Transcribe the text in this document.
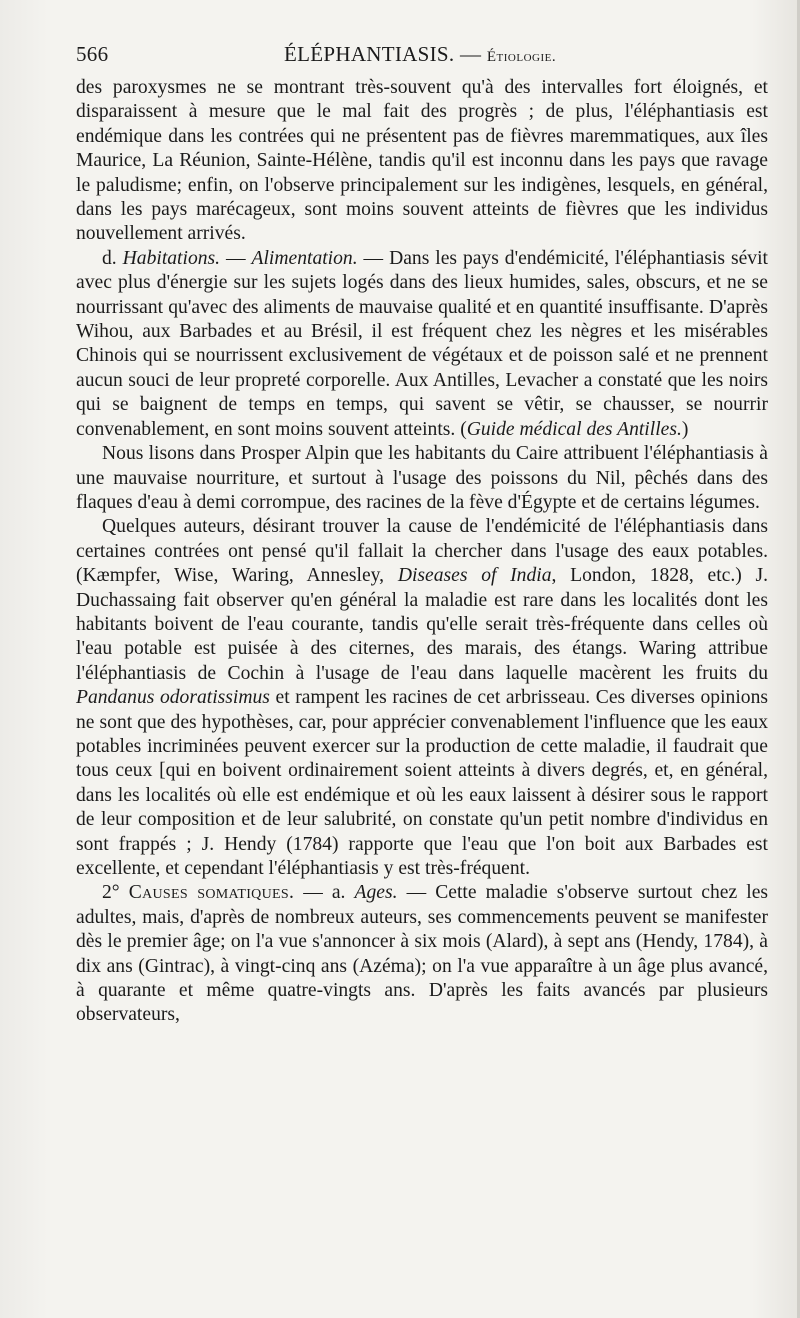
566	ÉLÉPHANTIASIS. — Étiologie.

des paroxysmes ne se montrant très-souvent qu'à des intervalles fort éloignés, et disparaissent à mesure que le mal fait des progrès ; de plus, l'éléphantiasis est endémique dans les contrées qui ne présentent pas de fièvres maremmatiques, aux îles Maurice, La Réunion, Sainte-Hélène, tandis qu'il est inconnu dans les pays que ravage le paludisme; enfin, on l'observe principalement sur les indigènes, lesquels, en général, dans les pays marécageux, sont moins souvent atteints de fièvres que les individus nouvellement arrivés.

d. Habitations. — Alimentation. — Dans les pays d'endémicité, l'éléphantiasis sévit avec plus d'énergie sur les sujets logés dans des lieux humides, sales, obscurs, et ne se nourrissant qu'avec des aliments de mauvaise qualité et en quantité insuffisante. D'après Wihou, aux Barbades et au Brésil, il est fréquent chez les nègres et les misérables Chinois qui se nourrissent exclusivement de végétaux et de poisson salé et ne prennent aucun souci de leur propreté corporelle. Aux Antilles, Levacher a constaté que les noirs qui se baignent de temps en temps, qui savent se vêtir, se chausser, se nourrir convenablement, en sont moins souvent atteints. (Guide médical des Antilles.)

Nous lisons dans Prosper Alpin que les habitants du Caire attribuent l'éléphantiasis à une mauvaise nourriture, et surtout à l'usage des poissons du Nil, pêchés dans des flaques d'eau à demi corrompue, des racines de la fève d'Égypte et de certains légumes.

Quelques auteurs, désirant trouver la cause de l'endémicité de l'éléphantiasis dans certaines contrées ont pensé qu'il fallait la chercher dans l'usage des eaux potables. (Kæmpfer, Wise, Waring, Annesley, Diseases of India, London, 1828, etc.) J. Duchassaing fait observer qu'en général la maladie est rare dans les localités dont les habitants boivent de l'eau courante, tandis qu'elle serait très-fréquente dans celles où l'eau potable est puisée à des citernes, des marais, des étangs. Waring attribue l'éléphantiasis de Cochin à l'usage de l'eau dans laquelle macèrent les fruits du Pandanus odoratissimus et rampent les racines de cet arbrisseau. Ces diverses opinions ne sont que des hypothèses, car, pour apprécier convenablement l'influence que les eaux potables incriminées peuvent exercer sur la production de cette maladie, il faudrait que tous ceux [qui en boivent ordinairement soient atteints à divers degrés, et, en général, dans les localités où elle est endémique et où les eaux laissent à désirer sous le rapport de leur composition et de leur salubrité, on constate qu'un petit nombre d'individus en sont frappés ; J. Hendy (1784) rapporte que l'eau que l'on boit aux Barbades est excellente, et cependant l'éléphantiasis y est très-fréquent.

2° Causes somatiques. — a. Ages. — Cette maladie s'observe surtout chez les adultes, mais, d'après de nombreux auteurs, ses commencements peuvent se manifester dès le premier âge; on l'a vue s'annoncer à six mois (Alard), à sept ans (Hendy, 1784), à dix ans (Gintrac), à vingt-cinq ans (Azéma); on l'a vue apparaître à un âge plus avancé, à quarante et même quatre-vingts ans. D'après les faits avancés par plusieurs observateurs,
